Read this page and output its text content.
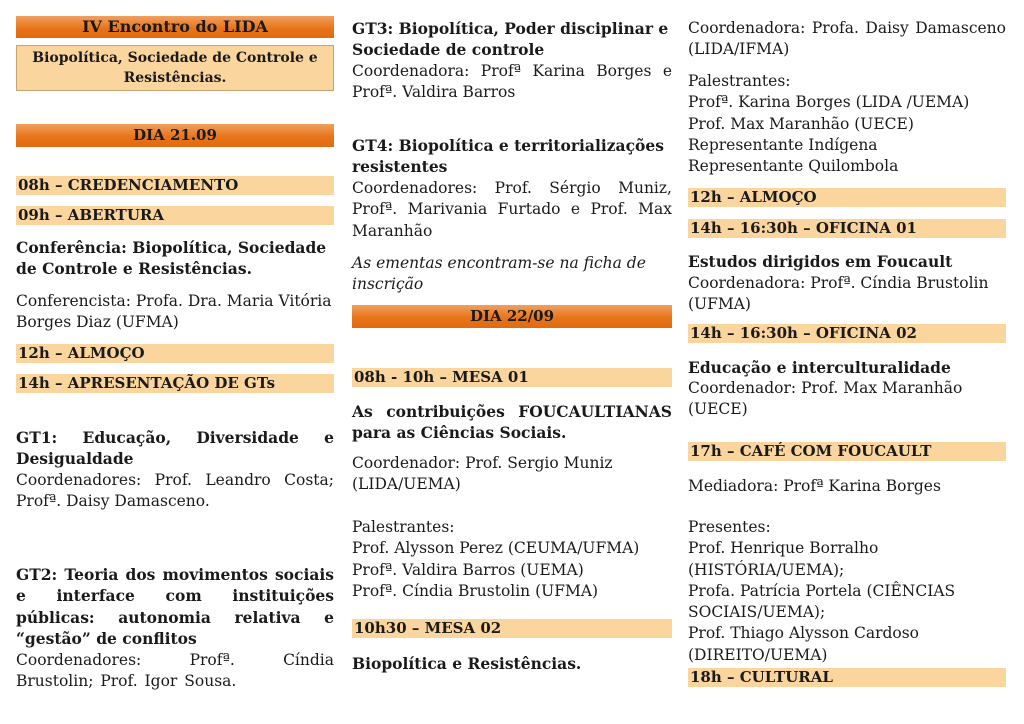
IV Encontro do LIDA
Biopolítica, Sociedade de Controle e Resistências.
DIA 21.09
08h – CREDENCIAMENTO
09h – ABERTURA
Conferência: Biopolítica, Sociedade de Controle e Resistências.
Conferencista: Profa. Dra. Maria Vitória Borges Diaz (UFMA)
12h – ALMOÇO
14h – APRESENTAÇÃO DE GTs
GT1: Educação, Diversidade e Desigualdade
Coordenadores: Prof. Leandro Costa; Profª. Daisy Damasceno.
GT2: Teoria dos movimentos sociais e interface com instituições públicas: autonomia relativa e “gestão” de conflitos
Coordenadores: Profª. Cíndia Brustolin; Prof. Igor Sousa.
GT3: Biopolítica, Poder disciplinar e Sociedade de controle
Coordenadora: Profª Karina Borges e Profª. Valdira Barros
GT4: Biopolítica e territorializações resistentes
Coordenadores: Prof. Sérgio Muniz, Profª. Marivania Furtado e Prof. Max Maranhão
As ementas encontram-se na ficha de inscrição
DIA 22/09
08h - 10h – MESA 01
As contribuições FOUCAULTIANAS para as Ciências Sociais.
Coordenador: Prof. Sergio Muniz (LIDA/UEMA)
Palestrantes:
Prof. Alysson Perez (CEUMA/UFMA)
Profª. Valdira Barros (UEMA)
Profª. Cíndia Brustolin (UFMA)
10h30 – MESA 02
Biopolítica e Resistências.
Coordenadora: Profa. Daisy Damasceno (LIDA/IFMA)
Palestrantes:
Profª. Karina Borges (LIDA /UEMA)
Prof. Max Maranhão (UECE)
Representante Indígena
Representante Quilombola
12h – ALMOÇO
14h – 16:30h – OFICINA 01
Estudos dirigidos em Foucault
Coordenadora: Profª. Cíndia Brustolin (UFMA)
14h – 16:30h – OFICINA 02
Educação e interculturalidade
Coordenador: Prof. Max Maranhão (UECE)
17h – CAFÉ COM FOUCAULT
Mediadora: Profª Karina Borges
Presentes:
Prof. Henrique Borralho (HISTÓRIA/UEMA);
Profa. Patrícia Portela (CIÊNCIAS SOCIAIS/UEMA);
Prof. Thiago Alysson Cardoso (DIREITO/UEMA)
18h – CULTURAL
